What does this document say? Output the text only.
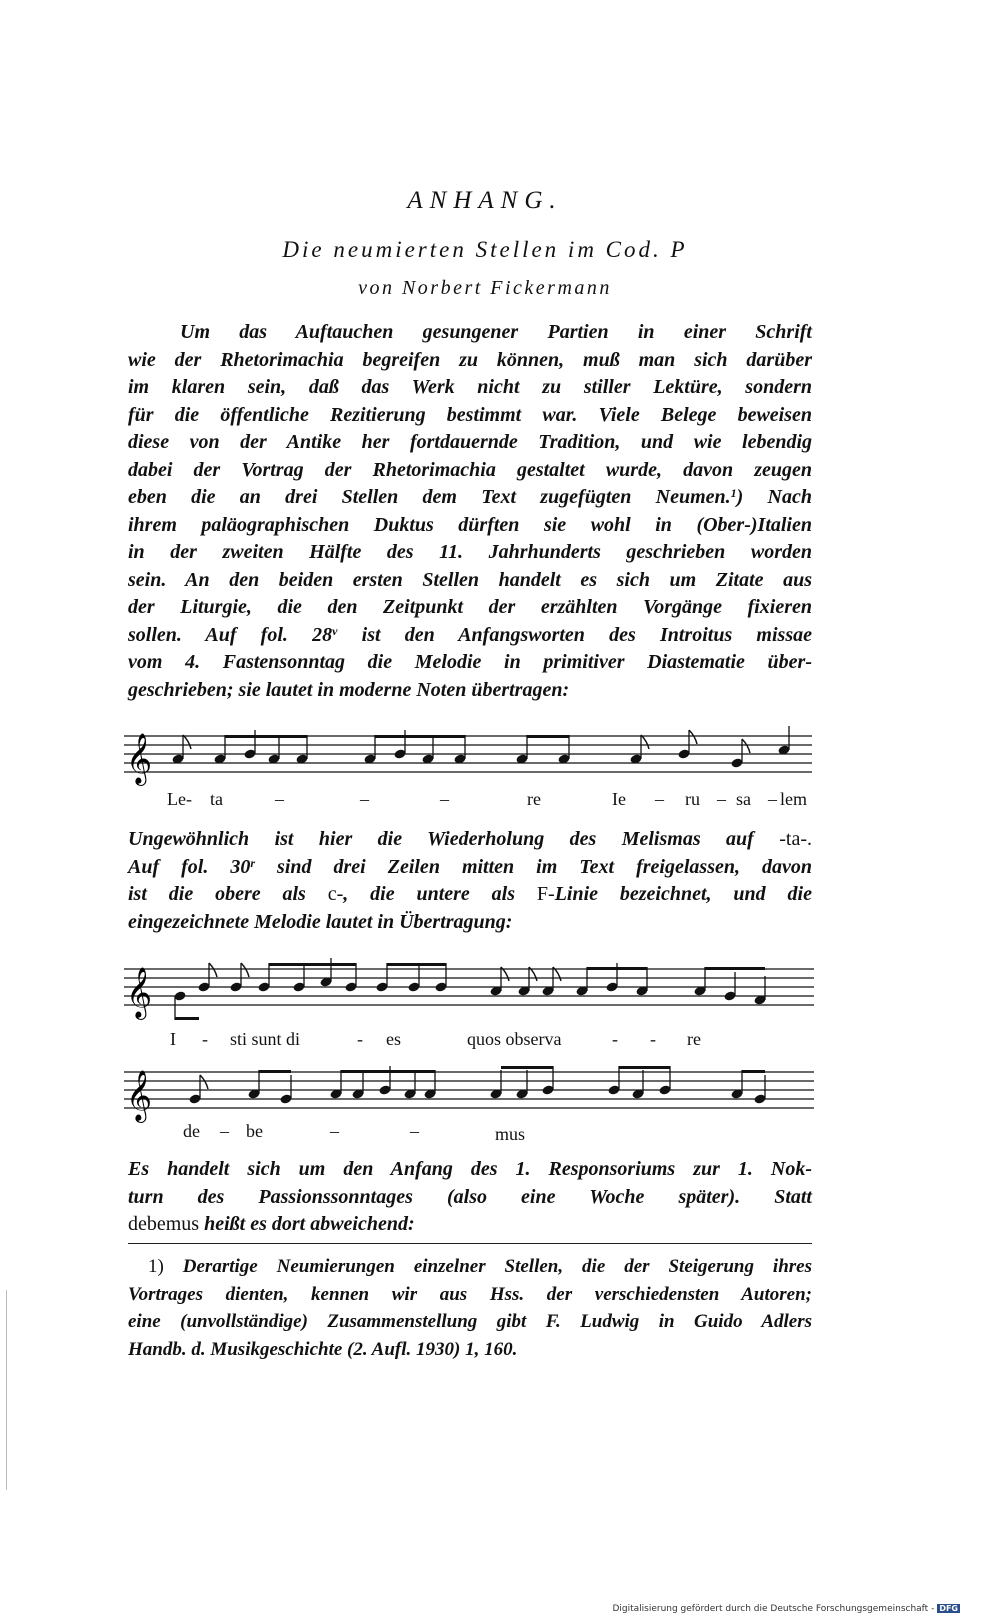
ANHANG.
Die neumierten Stellen im Cod. P
von Norbert Fickermann
Um das Auftauchen gesungener Partien in einer Schrift
wie der Rhetorimachia begreifen zu können, muß man sich darüber
im klaren sein, daß das Werk nicht zu stiller Lektüre, sondern
für die öffentliche Rezitierung bestimmt war. Viele Belege beweisen
diese von der Antike her fortdauernde Tradition, und wie lebendig
dabei der Vortrag der Rhetorimachia gestaltet wurde, davon zeugen
eben die an drei Stellen dem Text zugefügten Neumen.$^1$) Nach
ihrem paläographischen Duktus dürften sie wohl in (Ober-)Italien
in der zweiten Hälfte des 11. Jahrhunderts geschrieben worden
sein. An den beiden ersten Stellen handelt es sich um Zitate aus
der Liturgie, die den Zeitpunkt der erzählten Vorgänge fixieren
sollen. Auf fol. 28$^v$ ist den Anfangsworten des Introitus missae
vom 4. Fastensonntag die Melodie in primitiver Diastematie über-
geschrieben; sie lautet in moderne Noten übertragen:
𝄞
Le- ta	–	–	–	re	Ie – ru – sa – lem
Ungewöhnlich ist hier die Wiederholung des Melismas auf -ta-.
Auf fol. 30$^r$ sind drei Zeilen mitten im Text freigelassen, davon
ist die obere als c-, die untere als F-Linie bezeichnet, und die
eingezeichnete Melodie lautet in Übertragung:
𝄞
I - sti sunt di	- es	quos observa	- - re
𝄞
de – be	–	–	mus
Es handelt sich um den Anfang des 1. Responsoriums zur 1. Nok-
turn des Passionssonntages (also eine Woche später). Statt
debemus heißt es dort abweichend:
1) Derartige Neumierungen einzelner Stellen, die der Steigerung ihres
Vortrages dienten, kennen wir aus Hss. der verschiedensten Autoren;
eine (unvollständige) Zusammenstellung gibt F. Ludwig in Guido Adlers
Handb. d. Musikgeschichte (2. Aufl. 1930) 1, 160.
Digitalisierung gefördert durch die Deutsche Forschungsgemeinschaft - DFG
